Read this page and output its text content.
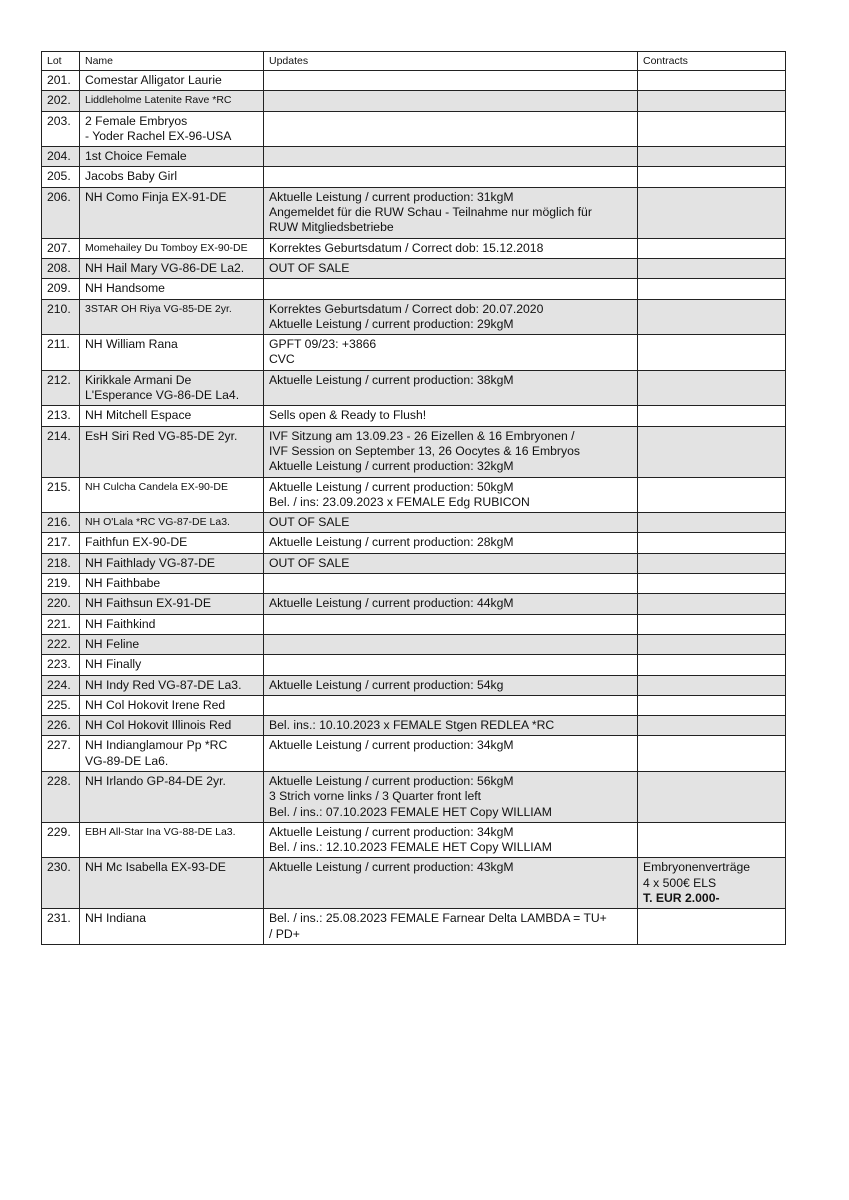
Lot	Name	Updates	Contracts
201.	Comestar Alligator Laurie		
202.	Liddleholme Latenite Rave *RC		
203.	2 Female Embryos
- Yoder Rachel EX-96-USA		
204.	1st Choice Female		
205.	Jacobs Baby Girl		
206.	NH Como Finja EX-91-DE	Aktuelle Leistung / current production: 31kgM
Angemeldet für die RUW Schau - Teilnahme nur möglich für
RUW Mitgliedsbetriebe	
207.	Momehailey Du Tomboy EX-90-DE	Korrektes Geburtsdatum / Correct dob: 15.12.2018	
208.	NH Hail Mary VG-86-DE La2.	OUT OF SALE	
209.	NH Handsome		
210.	3STAR OH Riya VG-85-DE 2yr.	Korrektes Geburtsdatum / Correct dob: 20.07.2020
Aktuelle Leistung / current production: 29kgM	
211.	NH William Rana	GPFT 09/23: +3866
CVC	
212.	Kirikkale Armani De
L'Esperance VG-86-DE La4.	Aktuelle Leistung / current production: 38kgM	
213.	NH Mitchell Espace	Sells open & Ready to Flush!	
214.	EsH Siri Red VG-85-DE 2yr.	IVF Sitzung am 13.09.23 - 26 Eizellen & 16 Embryonen /
IVF Session on September 13, 26 Oocytes & 16 Embryos
Aktuelle Leistung / current production: 32kgM	
215.	NH Culcha Candela EX-90-DE	Aktuelle Leistung / current production: 50kgM
Bel. / ins: 23.09.2023 x FEMALE Edg RUBICON	
216.	NH O'Lala *RC VG-87-DE La3.	OUT OF SALE	
217.	Faithfun EX-90-DE	Aktuelle Leistung / current production: 28kgM	
218.	NH Faithlady VG-87-DE	OUT OF SALE	
219.	NH Faithbabe		
220.	NH Faithsun EX-91-DE	Aktuelle Leistung / current production: 44kgM	
221.	NH Faithkind		
222.	NH Feline		
223.	NH Finally		
224.	NH Indy Red VG-87-DE La3.	Aktuelle Leistung / current production: 54kg	
225.	NH Col Hokovit Irene Red		
226.	NH Col Hokovit Illinois Red	Bel. ins.: 10.10.2023 x FEMALE Stgen REDLEA *RC	
227.	NH Indianglamour Pp *RC
VG-89-DE La6.	Aktuelle Leistung / current production: 34kgM	
228.	NH Irlando GP-84-DE 2yr.	Aktuelle Leistung / current production: 56kgM
3 Strich vorne links / 3 Quarter front left
Bel. / ins.: 07.10.2023 FEMALE HET Copy WILLIAM	
229.	EBH All-Star Ina VG-88-DE La3.	Aktuelle Leistung / current production: 34kgM
Bel. / ins.: 12.10.2023 FEMALE HET Copy WILLIAM	
230.	NH Mc Isabella EX-93-DE	Aktuelle Leistung / current production: 43kgM	Embryonenverträge
4 x 500€ ELS
T. EUR 2.000-
231.	NH Indiana	Bel. / ins.: 25.08.2023 FEMALE Farnear Delta LAMBDA = TU+
/ PD+	
